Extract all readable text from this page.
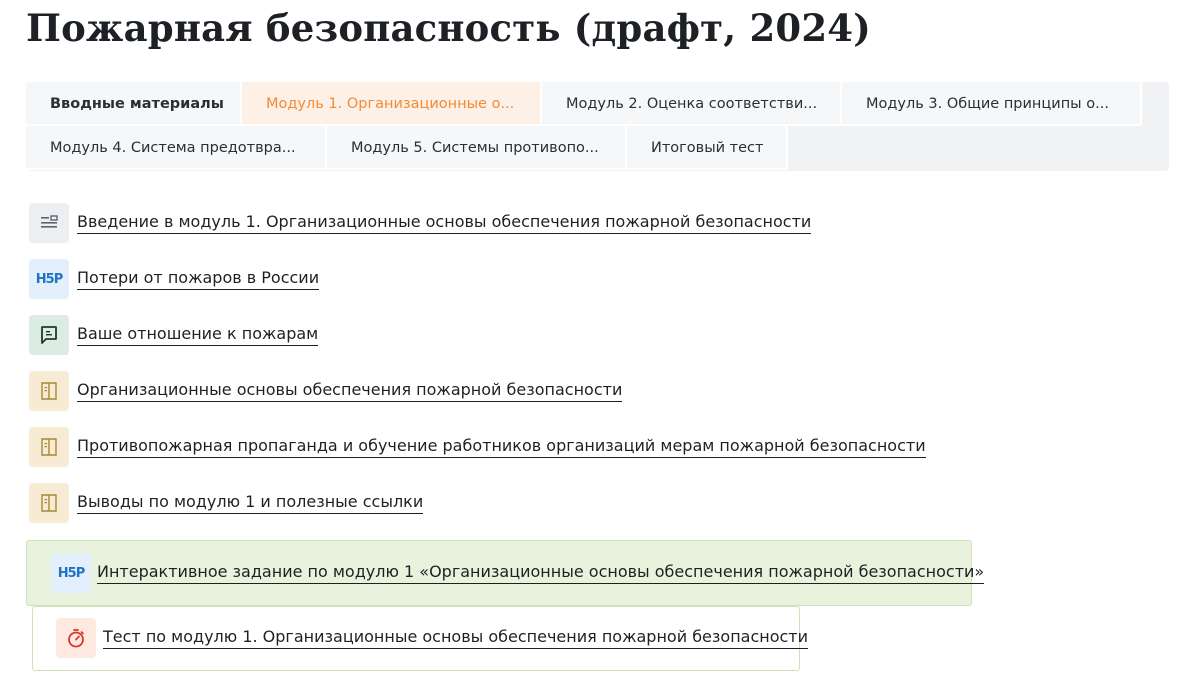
Пожарная безопасность (драфт, 2024)
Вводные материалы	Модуль 1. Организационные о...	Модуль 2. Оценка соответстви...	Модуль 3. Общие принципы о...
Модуль 4. Система предотвра...	Модуль 5. Системы противопо...	Итоговый тест
Введение в модуль 1. Организационные основы обеспечения пожарной безопасности
H5P Потери от пожаров в России
Ваше отношение к пожарам
Организационные основы обеспечения пожарной безопасности
Противопожарная пропаганда и обучение работников организаций мерам пожарной безопасности
Выводы по модулю 1 и полезные ссылки
H5P Интерактивное задание по модулю 1 «Организационные основы обеспечения пожарной безопасности»
Тест по модулю 1. Организационные основы обеспечения пожарной безопасности
